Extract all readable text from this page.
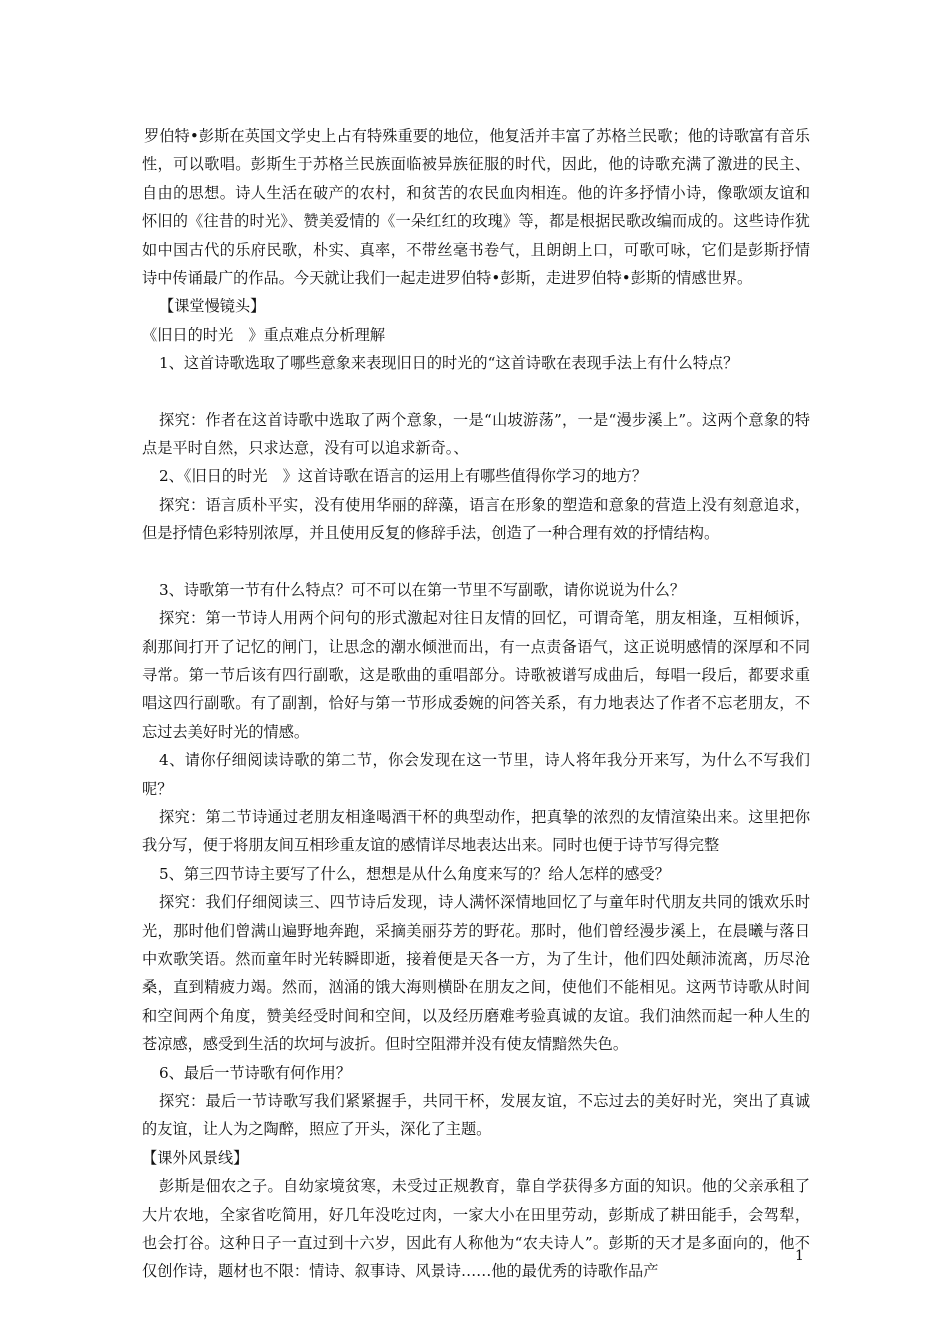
罗伯特•彭斯在英国文学史上占有特殊重要的地位，他复活并丰富了苏格兰民歌；他的诗歌富有音乐性，可以歌唱。彭斯生于苏格兰民族面临被异族征服的时代，因此，他的诗歌充满了激进的民主、自由的思想。诗人生活在破产的农村，和贫苦的农民血肉相连。他的许多抒情小诗，像歌颂友谊和怀旧的《往昔的时光》、赞美爱情的《一朵红红的玫瑰》等，都是根据民歌改编而成的。这些诗作犹如中国古代的乐府民歌，朴实、真率，不带丝毫书卷气，且朗朗上口，可歌可咏，它们是彭斯抒情诗中传诵最广的作品。今天就让我们一起走进罗伯特•彭斯，走进罗伯特•彭斯的情感世界。

【课堂慢镜头】

《旧日的时光　》重点难点分析理解

1、这首诗歌选取了哪些意象来表现旧日的时光的“这首诗歌在表现手法上有什么特点？

探究：作者在这首诗歌中选取了两个意象，一是“山坡游荡”，一是“漫步溪上”。这两个意象的特点是平时自然，只求达意，没有可以追求新奇。、

2、《旧日的时光　》这首诗歌在语言的运用上有哪些值得你学习的地方？

探究：语言质朴平实，没有使用华丽的辞藻，语言在形象的塑造和意象的营造上没有刻意追求，但是抒情色彩特别浓厚，并且使用反复的修辞手法，创造了一种合理有效的抒情结构。

3、诗歌第一节有什么特点？可不可以在第一节里不写副歌，请你说说为什么？

探究：第一节诗人用两个问句的形式激起对往日友情的回忆，可谓奇笔，朋友相逢，互相倾诉，刹那间打开了记忆的闸门，让思念的潮水倾泄而出，有一点责备语气，这正说明感情的深厚和不同寻常。第一节后该有四行副歌，这是歌曲的重唱部分。诗歌被谱写成曲后，每唱一段后，都要求重唱这四行副歌。有了副割，恰好与第一节形成委婉的问答关系，有力地表达了作者不忘老朋友，不忘过去美好时光的情感。

4、请你仔细阅读诗歌的第二节，你会发现在这一节里，诗人将年我分开来写，为什么不写我们呢？

探究：第二节诗通过老朋友相逢喝酒干杯的典型动作，把真挚的浓烈的友情渲染出来。这里把你我分写，便于将朋友间互相珍重友谊的感情详尽地表达出来。同时也便于诗节写得完整

5、第三四节诗主要写了什么，想想是从什么角度来写的？给人怎样的感受？

探究：我们仔细阅读三、四节诗后发现，诗人满怀深情地回忆了与童年时代朋友共同的饿欢乐时光，那时他们曾满山遍野地奔跑，采摘美丽芬芳的野花。那时，他们曾经漫步溪上，在晨曦与落日中欢歌笑语。然而童年时光转瞬即逝，接着便是天各一方，为了生计，他们四处颠沛流离，历尽沧桑，直到精疲力竭。然而，汹涌的饿大海则横卧在朋友之间，使他们不能相见。这两节诗歌从时间和空间两个角度，赞美经受时间和空间，以及经历磨难考验真诚的友谊。我们油然而起一种人生的苍凉感，感受到生活的坎坷与波折。但时空阻滞并没有使友情黯然失色。

6、最后一节诗歌有何作用？

探究：最后一节诗歌写我们紧紧握手，共同干杯，发展友谊，不忘过去的美好时光，突出了真诚的友谊，让人为之陶醉，照应了开头，深化了主题。

【课外风景线】

彭斯是佃农之子。自幼家境贫寒，未受过正规教育，靠自学获得多方面的知识。他的父亲承租了大片农地，全家省吃简用，好几年没吃过肉，一家大小在田里劳动，彭斯成了耕田能手，会驾犁，也会打谷。这种日子一直过到十六岁，因此有人称他为“农夫诗人”。彭斯的天才是多面向的，他不仅创作诗，题材也不限：情诗、叙事诗、风景诗……他的最优秀的诗歌作品产

1
